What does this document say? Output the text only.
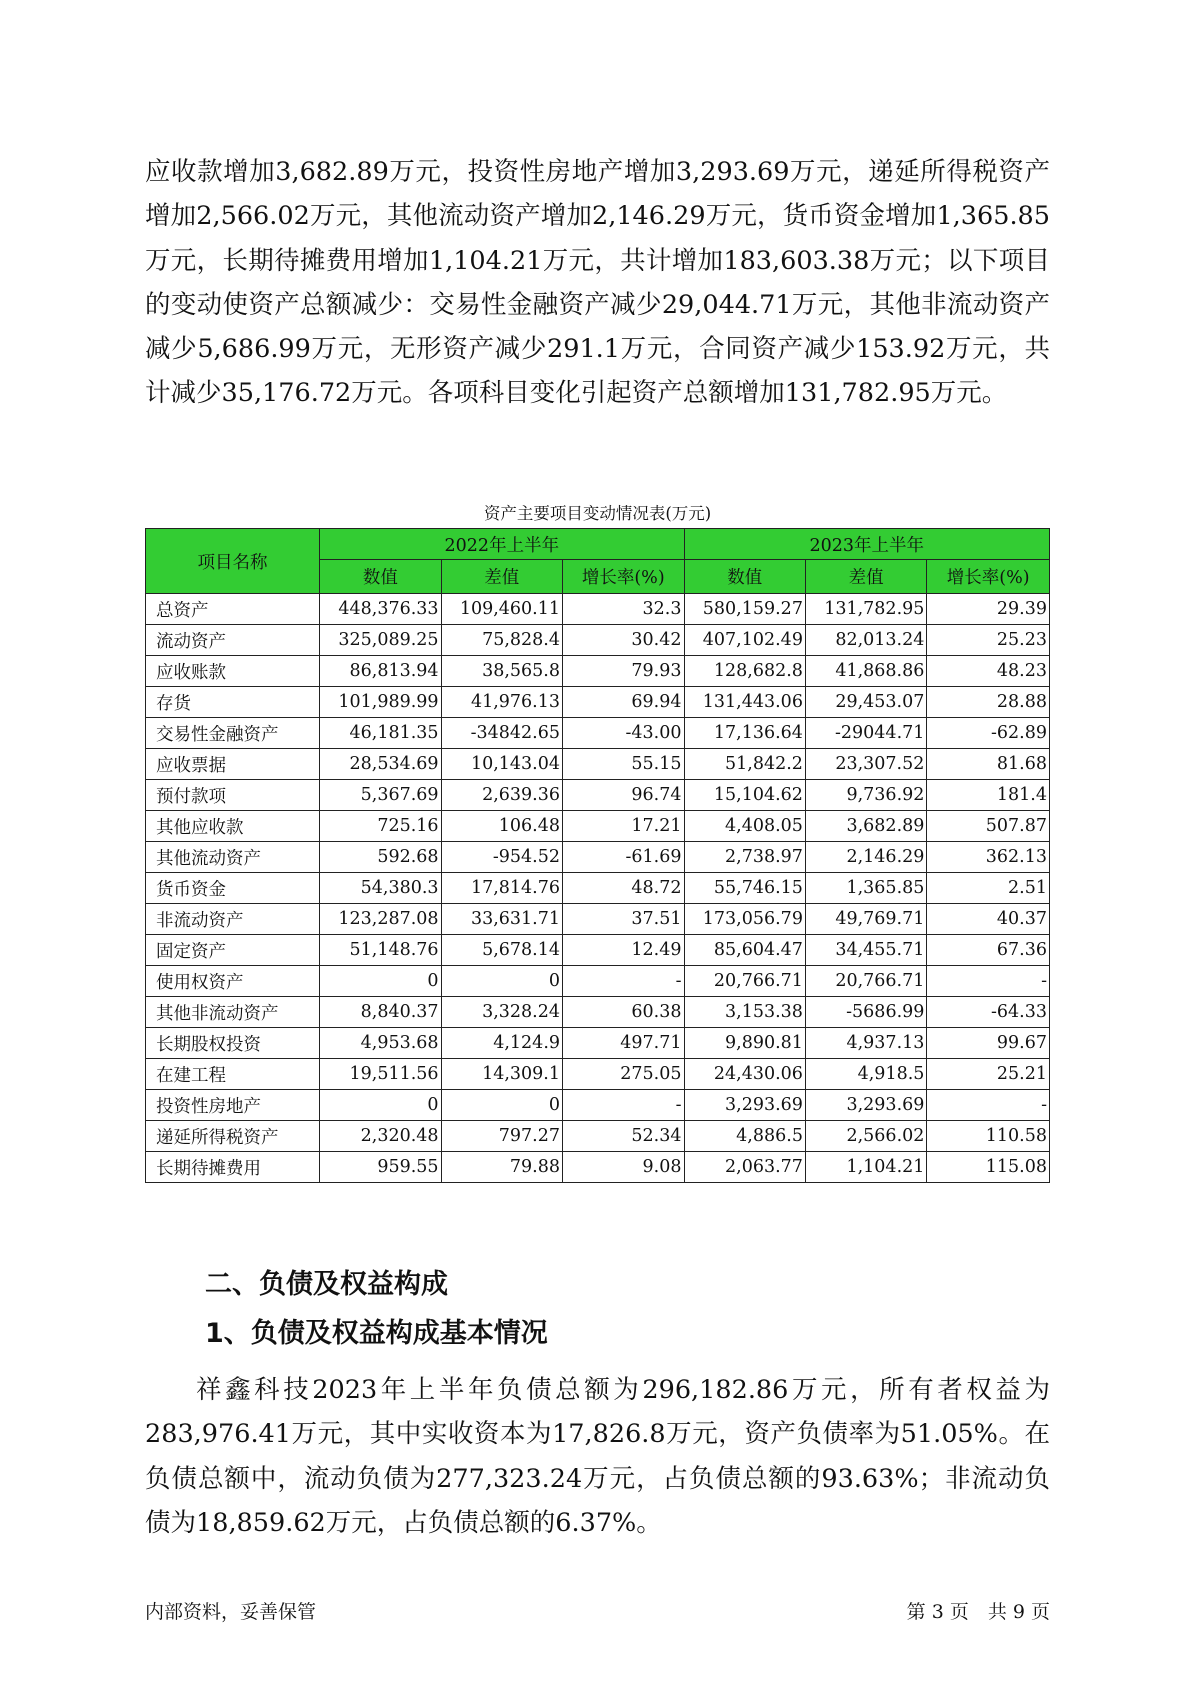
应收款增加3,682.89万元，投资性房地产增加3,293.69万元，递延所得税资产增加2,566.02万元，其他流动资产增加2,146.29万元，货币资金增加1,365.85万元，长期待摊费用增加1,104.21万元，共计增加183,603.38万元；以下项目的变动使资产总额减少：交易性金融资产减少29,044.71万元，其他非流动资产减少5,686.99万元，无形资产减少291.1万元，合同资产减少153.92万元，共计减少35,176.72万元。各项科目变化引起资产总额增加131,782.95万元。

资产主要项目变动情况表(万元)

项目名称	2022年上半年			2023年上半年		
	数值	差值	增长率(%)	数值	差值	增长率(%)
总资产	448,376.33	109,460.11	32.3	580,159.27	131,782.95	29.39
流动资产	325,089.25	75,828.4	30.42	407,102.49	82,013.24	25.23
应收账款	86,813.94	38,565.8	79.93	128,682.8	41,868.86	48.23
存货	101,989.99	41,976.13	69.94	131,443.06	29,453.07	28.88
交易性金融资产	46,181.35	-34842.65	-43.00	17,136.64	-29044.71	-62.89
应收票据	28,534.69	10,143.04	55.15	51,842.2	23,307.52	81.68
预付款项	5,367.69	2,639.36	96.74	15,104.62	9,736.92	181.4
其他应收款	725.16	106.48	17.21	4,408.05	3,682.89	507.87
其他流动资产	592.68	-954.52	-61.69	2,738.97	2,146.29	362.13
货币资金	54,380.3	17,814.76	48.72	55,746.15	1,365.85	2.51
非流动资产	123,287.08	33,631.71	37.51	173,056.79	49,769.71	40.37
固定资产	51,148.76	5,678.14	12.49	85,604.47	34,455.71	67.36
使用权资产	0	0	-	20,766.71	20,766.71	-
其他非流动资产	8,840.37	3,328.24	60.38	3,153.38	-5686.99	-64.33
长期股权投资	4,953.68	4,124.9	497.71	9,890.81	4,937.13	99.67
在建工程	19,511.56	14,309.1	275.05	24,430.06	4,918.5	25.21
投资性房地产	0	0	-	3,293.69	3,293.69	-
递延所得税资产	2,320.48	797.27	52.34	4,886.5	2,566.02	110.58
长期待摊费用	959.55	79.88	9.08	2,063.77	1,104.21	115.08
二、负债及权益构成
1、负债及权益构成基本情况

祥鑫科技2023年上半年负债总额为296,182.86万元，所有者权益为283,976.41万元，其中实收资本为17,826.8万元，资产负债率为51.05%。在负债总额中，流动负债为277,323.24万元，占负债总额的93.63%；非流动负债为18,859.62万元，占负债总额的6.37%。

内部资料，妥善保管	第 3 页　共 9 页
